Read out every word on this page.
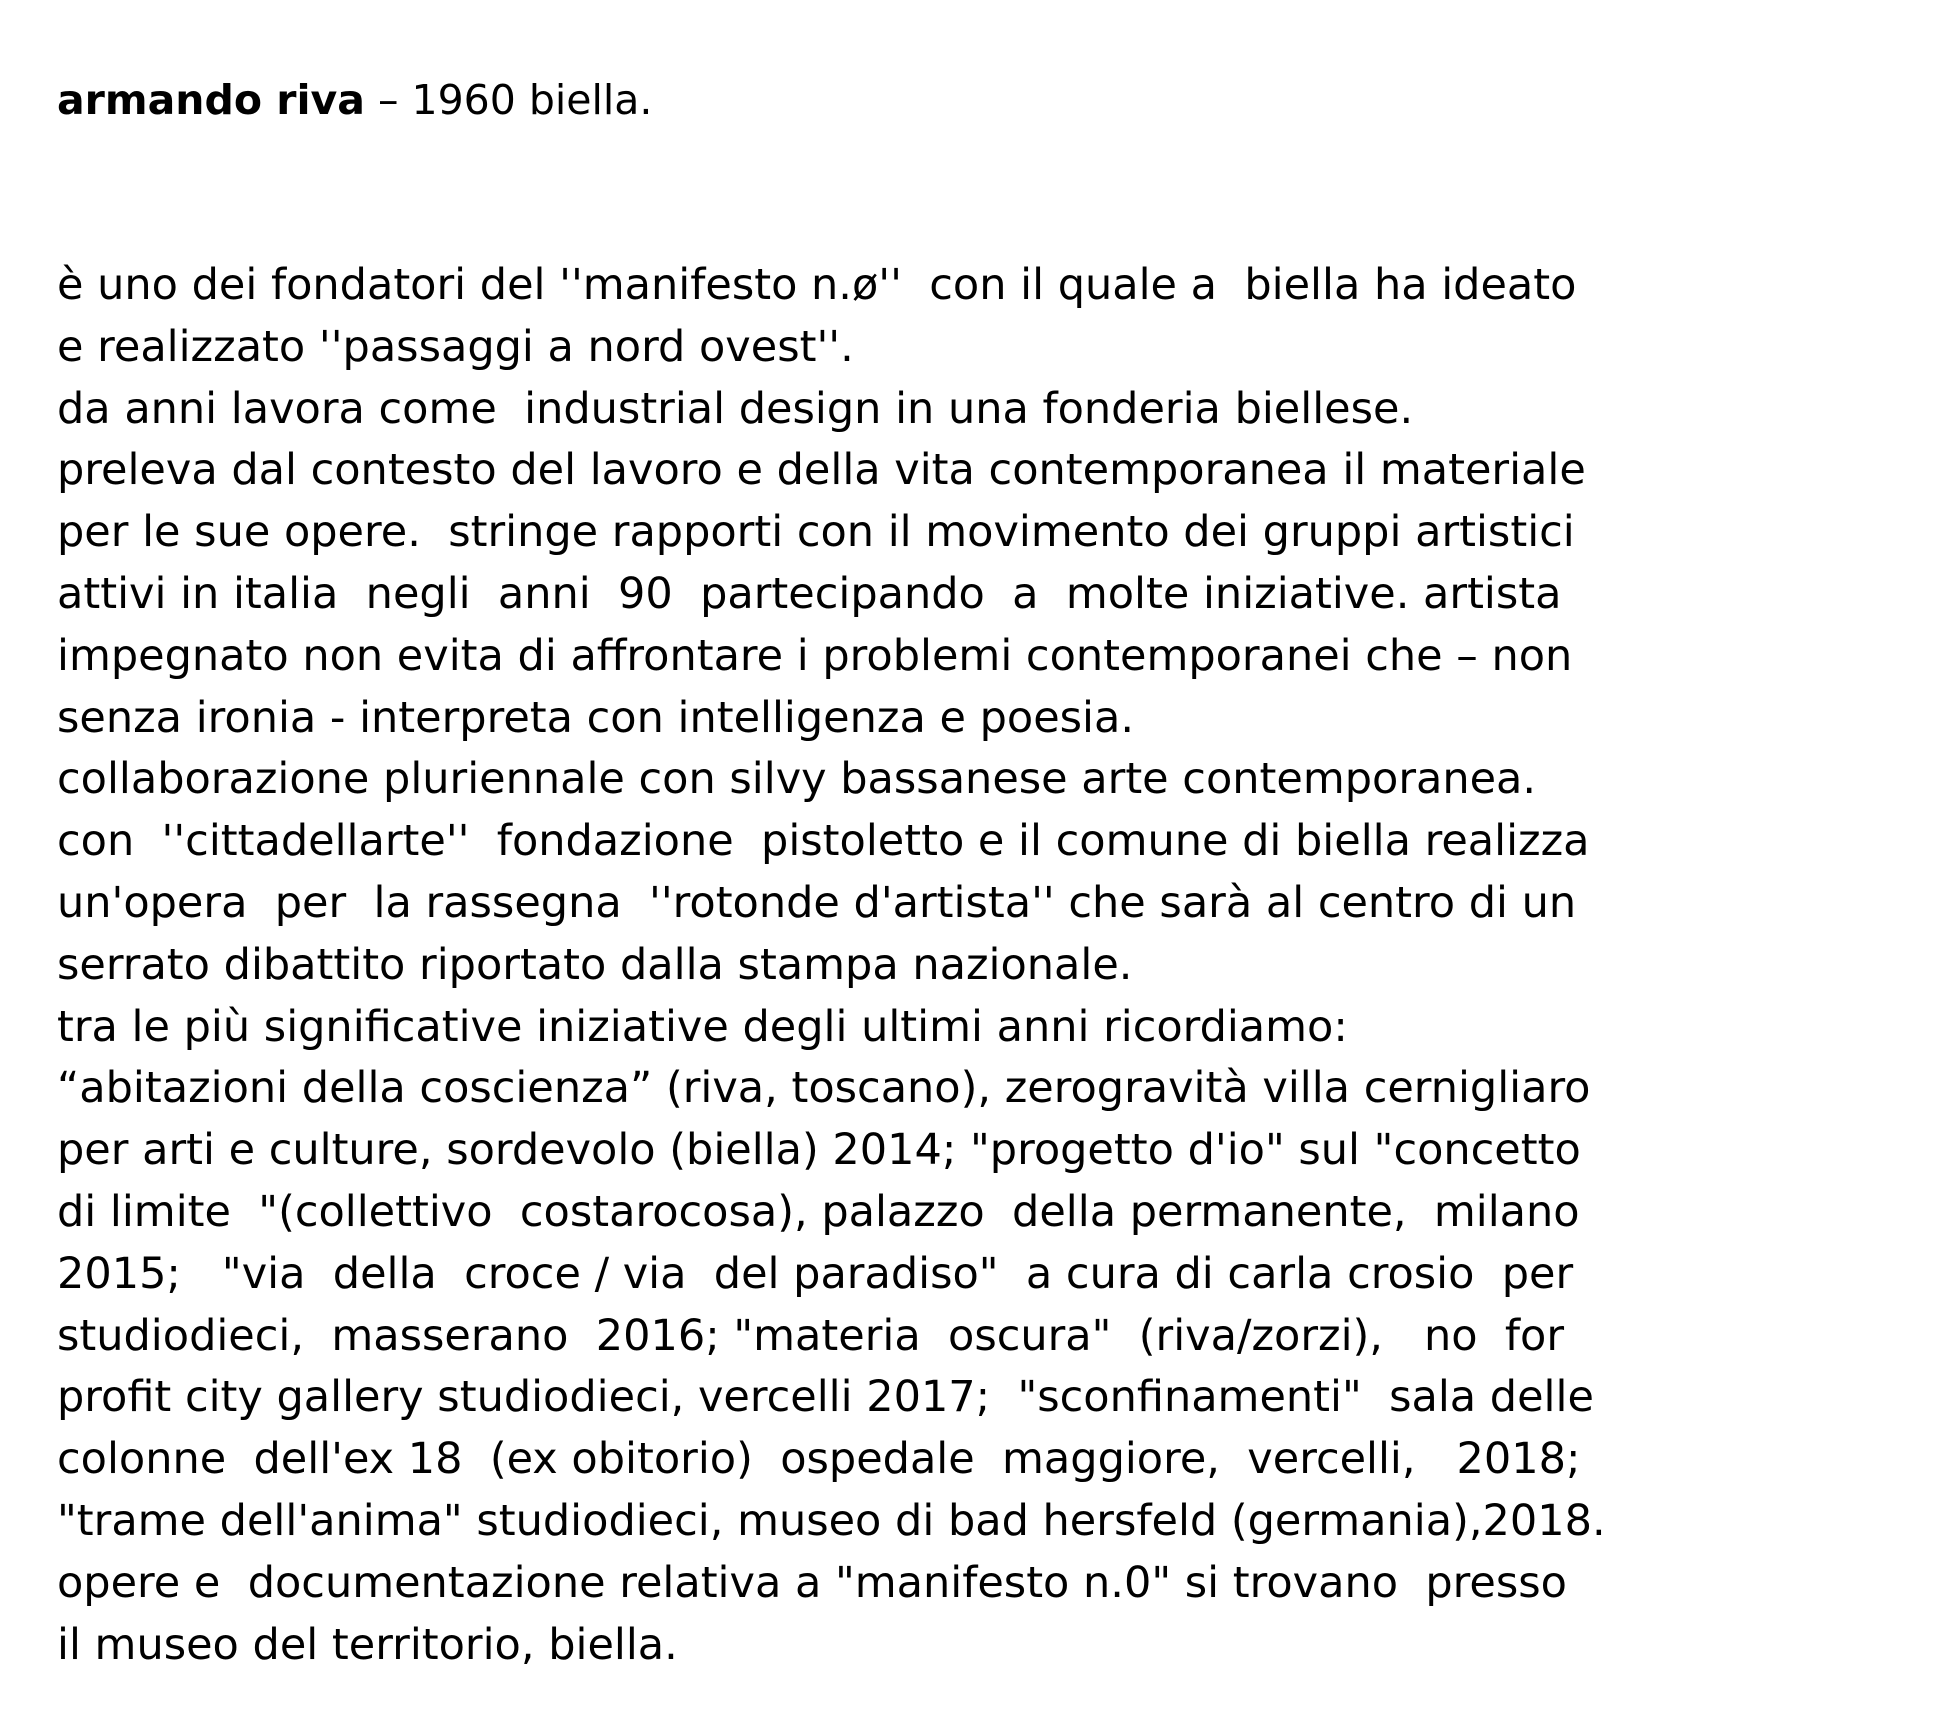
armando riva – 1960 biella.
è uno dei fondatori del ''manifesto n.ø''  con il quale a  biella ha ideato
e realizzato ''passaggi a nord ovest''.
da anni lavora come  industrial design in una fonderia biellese.
preleva dal contesto del lavoro e della vita contemporanea il materiale
per le sue opere.  stringe rapporti con il movimento dei gruppi artistici
attivi in italia  negli  anni  90  partecipando  a  molte iniziative. artista
impegnato non evita di affrontare i problemi contemporanei che – non
senza ironia - interpreta con intelligenza e poesia.
collaborazione pluriennale con silvy bassanese arte contemporanea.
con  ''cittadellarte''  fondazione  pistoletto e il comune di biella realizza
un'opera  per  la rassegna  ''rotonde d'artista'' che sarà al centro di un
serrato dibattito riportato dalla stampa nazionale.
tra le più significative iniziative degli ultimi anni ricordiamo:
“abitazioni della coscienza” (riva, toscano), zerogravità villa cernigliaro
per arti e culture, sordevolo (biella) 2014; "progetto d'io" sul "concetto
di limite  "(collettivo  costarocosa), palazzo  della permanente,  milano
2015;   "via  della  croce / via  del paradiso"  a cura di carla crosio  per
studiodieci,  masserano  2016; "materia  oscura"  (riva/zorzi),   no  for
profit city gallery studiodieci, vercelli 2017;  "sconfinamenti"  sala delle
colonne  dell'ex 18  (ex obitorio)  ospedale  maggiore,  vercelli,   2018;
"trame dell'anima" studiodieci, museo di bad hersfeld (germania),2018.
opere e  documentazione relativa a "manifesto n.0" si trovano  presso
il museo del territorio, biella.
